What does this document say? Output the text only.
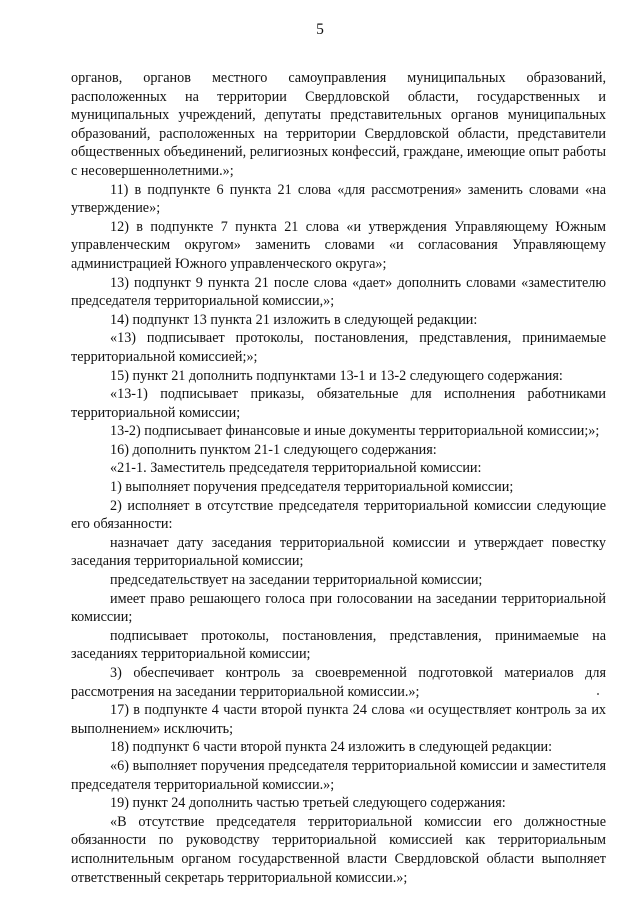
5

органов, органов местного самоуправления муниципальных образований, расположенных на территории Свердловской области, государственных и муниципальных учреждений, депутаты представительных органов муниципальных образований, расположенных на территории Свердловской области, представители общественных объединений, религиозных конфессий, граждане, имеющие опыт работы с несовершеннолетними.»;

11) в подпункте 6 пункта 21 слова «для рассмотрения» заменить словами «на утверждение»;

12) в подпункте 7 пункта 21 слова «и утверждения Управляющему Южным управленческим округом» заменить словами «и согласования Управляющему администрацией Южного управленческого округа»;

13) подпункт 9 пункта 21 после слова «дает» дополнить словами «заместителю председателя территориальной комиссии,»;

14) подпункт 13 пункта 21 изложить в следующей редакции:

«13) подписывает протоколы, постановления, представления, принимаемые территориальной комиссией;»;

15) пункт 21 дополнить подпунктами 13-1 и 13-2 следующего содержания:

«13-1) подписывает приказы, обязательные для исполнения работниками территориальной комиссии;

13-2) подписывает финансовые и иные документы территориальной комиссии;»;

16) дополнить пунктом 21-1 следующего содержания:

«21-1. Заместитель председателя территориальной комиссии:

1) выполняет поручения председателя территориальной комиссии;

2) исполняет в отсутствие председателя территориальной комиссии следующие его обязанности:

назначает дату заседания территориальной комиссии и утверждает повестку заседания территориальной комиссии;

председательствует на заседании территориальной комиссии;

имеет право решающего голоса при голосовании на заседании территориальной комиссии;

подписывает протоколы, постановления, представления, принимаемые на заседаниях территориальной комиссии;

3) обеспечивает контроль за своевременной подготовкой материалов для рассмотрения на заседании территориальной комиссии.»;

17) в подпункте 4 части второй пункта 24 слова «и осуществляет контроль за их выполнением» исключить;

18) подпункт 6 части второй пункта 24 изложить в следующей редакции:

«6) выполняет поручения председателя территориальной комиссии и заместителя председателя территориальной комиссии.»;

19) пункт 24 дополнить частью третьей следующего содержания:

«В отсутствие председателя территориальной комиссии его должностные обязанности по руководству территориальной комиссией как территориальным исполнительным органом государственной власти Свердловской области выполняет ответственный секретарь территориальной комиссии.»;
